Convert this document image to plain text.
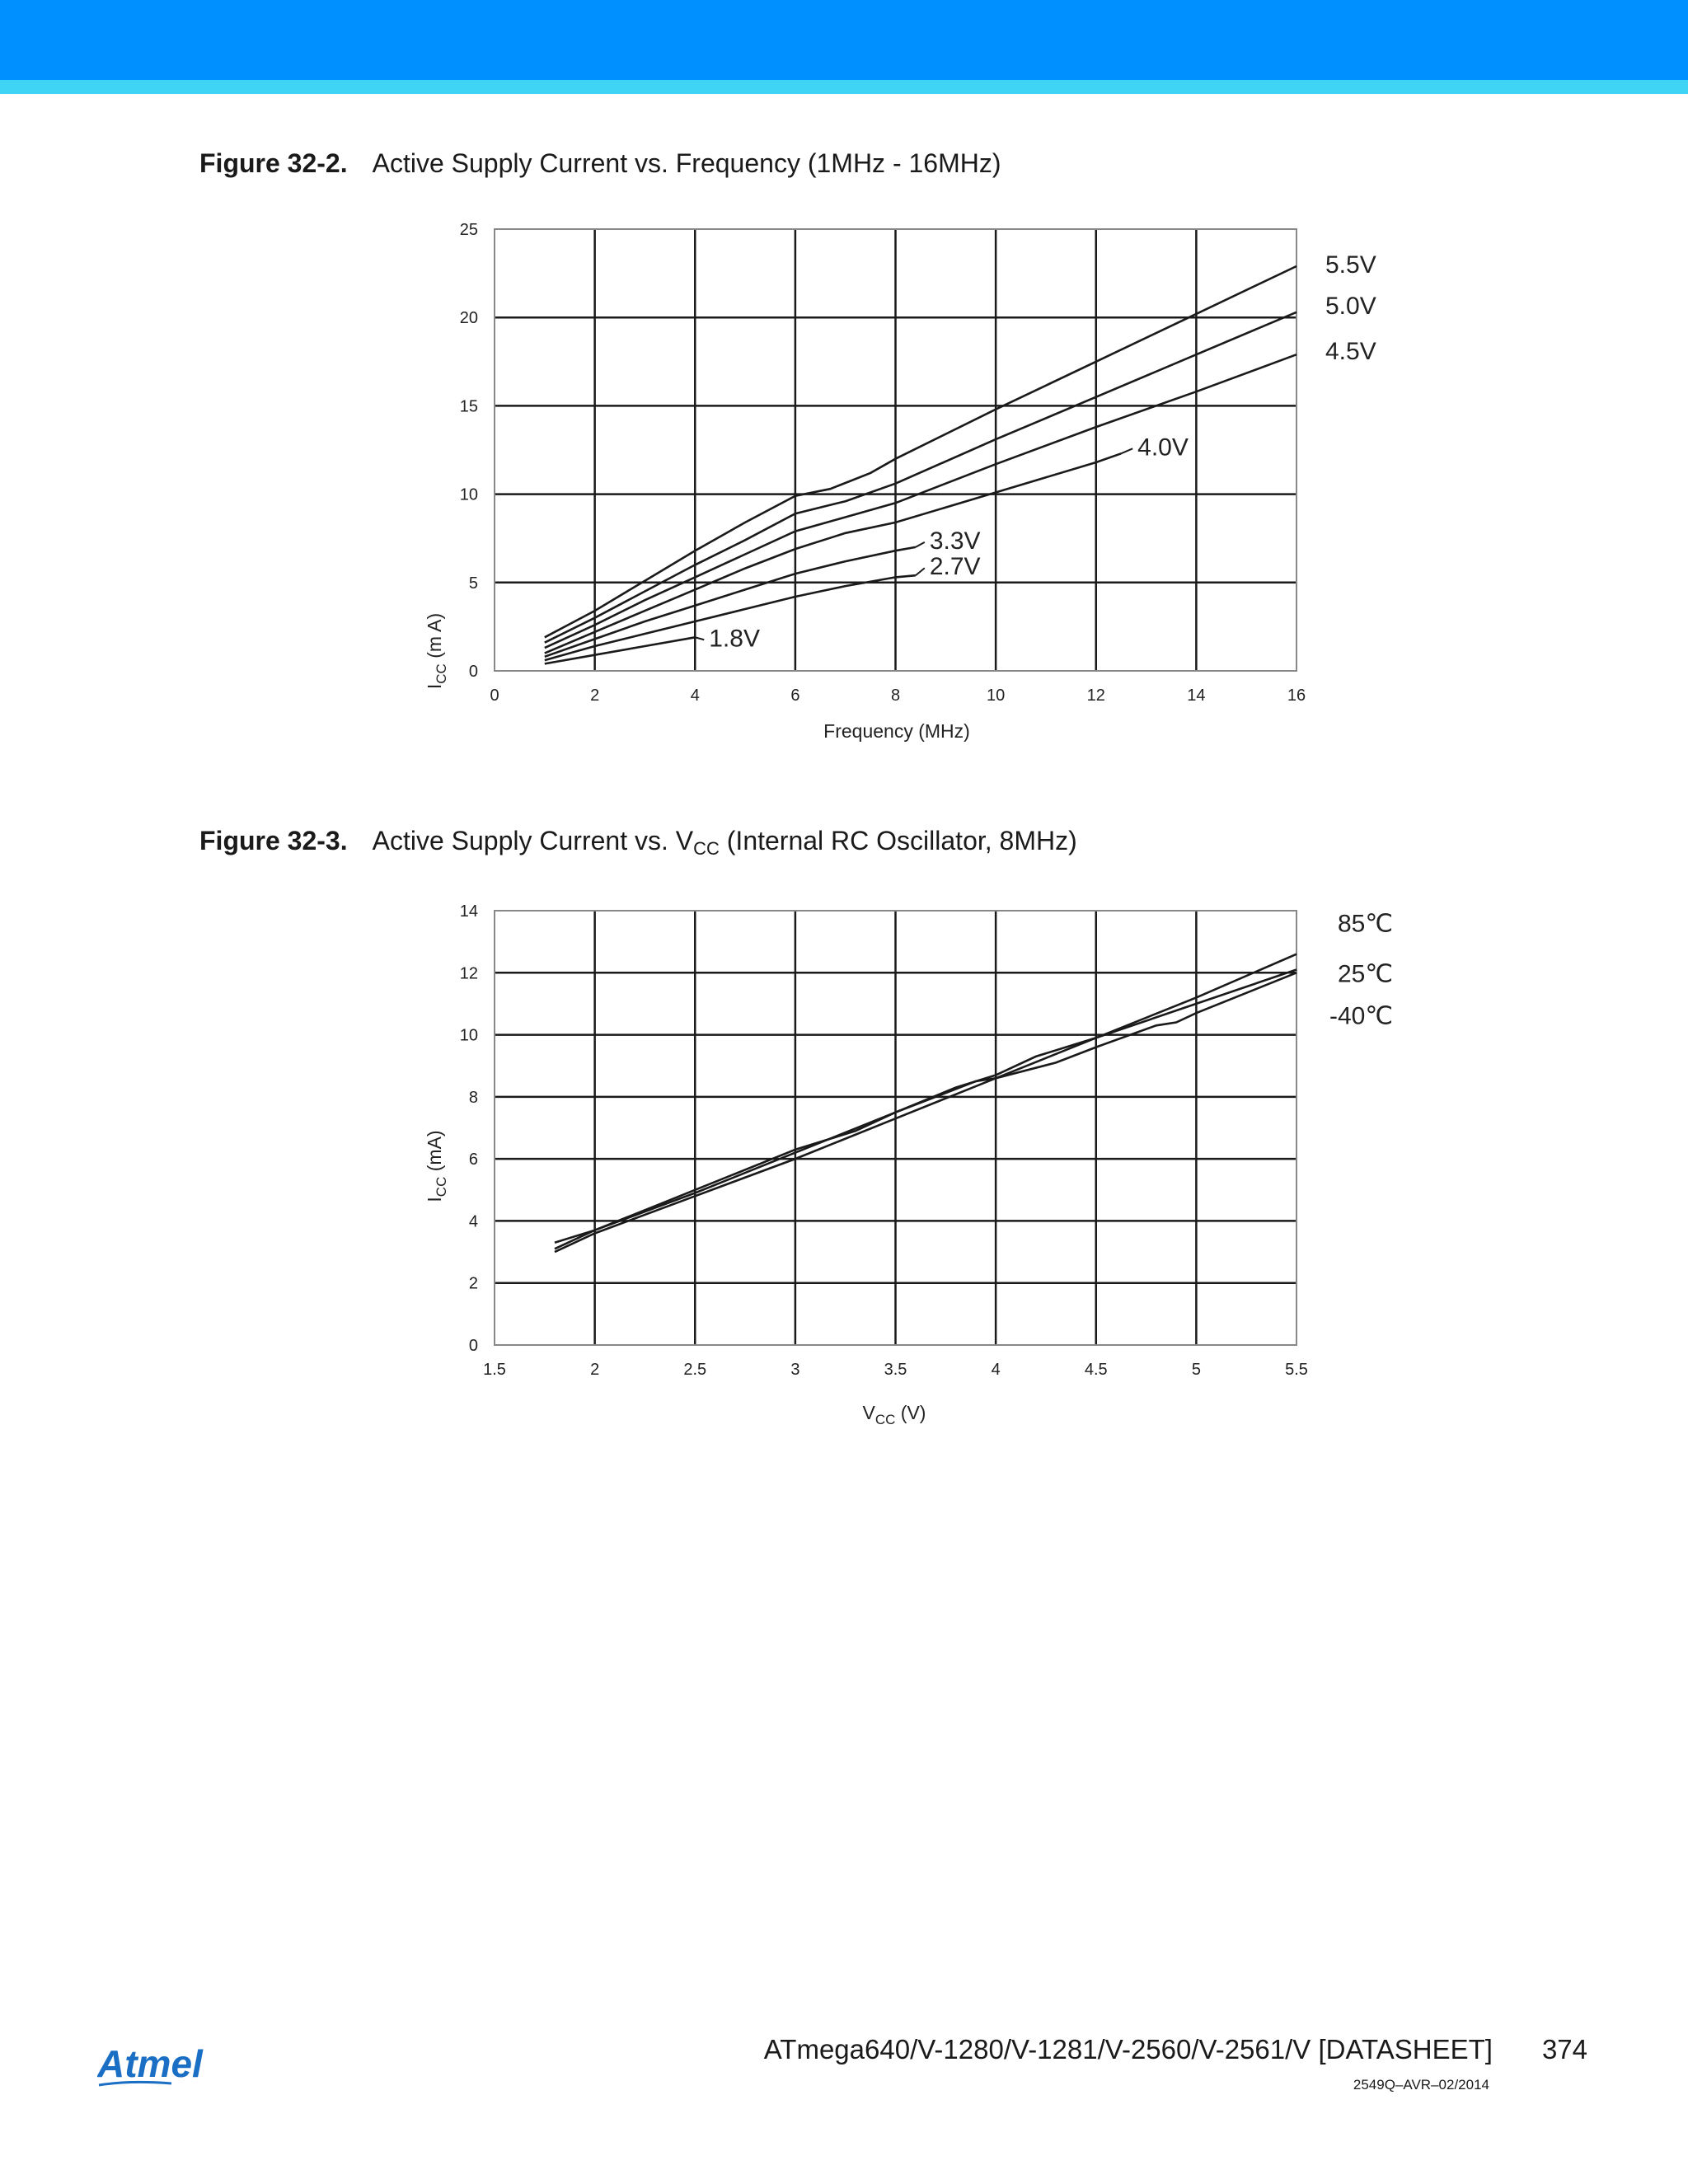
Figure 32-2. Active Supply Current vs. Frequency (1MHz - 16MHz)
0	2	4	6	8	10	12	14	16
0
5
10
15
20
25
Frequency (MHz)
$I_{CC}$ (m A)
5.5V
5.0V
4.5V
4.0V
3.3V
2.7V
1.8V
Figure 32-3. Active Supply Current vs. $V_{CC}$ (Internal RC Oscillator, 8MHz)
1.5	2	2.5	3	3.5	4	4.5	5	5.5
0
2
4
6
8
10
12
14
$V_{CC}$ (V)
$I_{CC}$ (mA)
85℃
25℃
-40℃
Atmel	ATmega640/V-1280/V-1281/V-2560/V-2561/V [DATASHEET] 374
2549Q–AVR–02/2014
